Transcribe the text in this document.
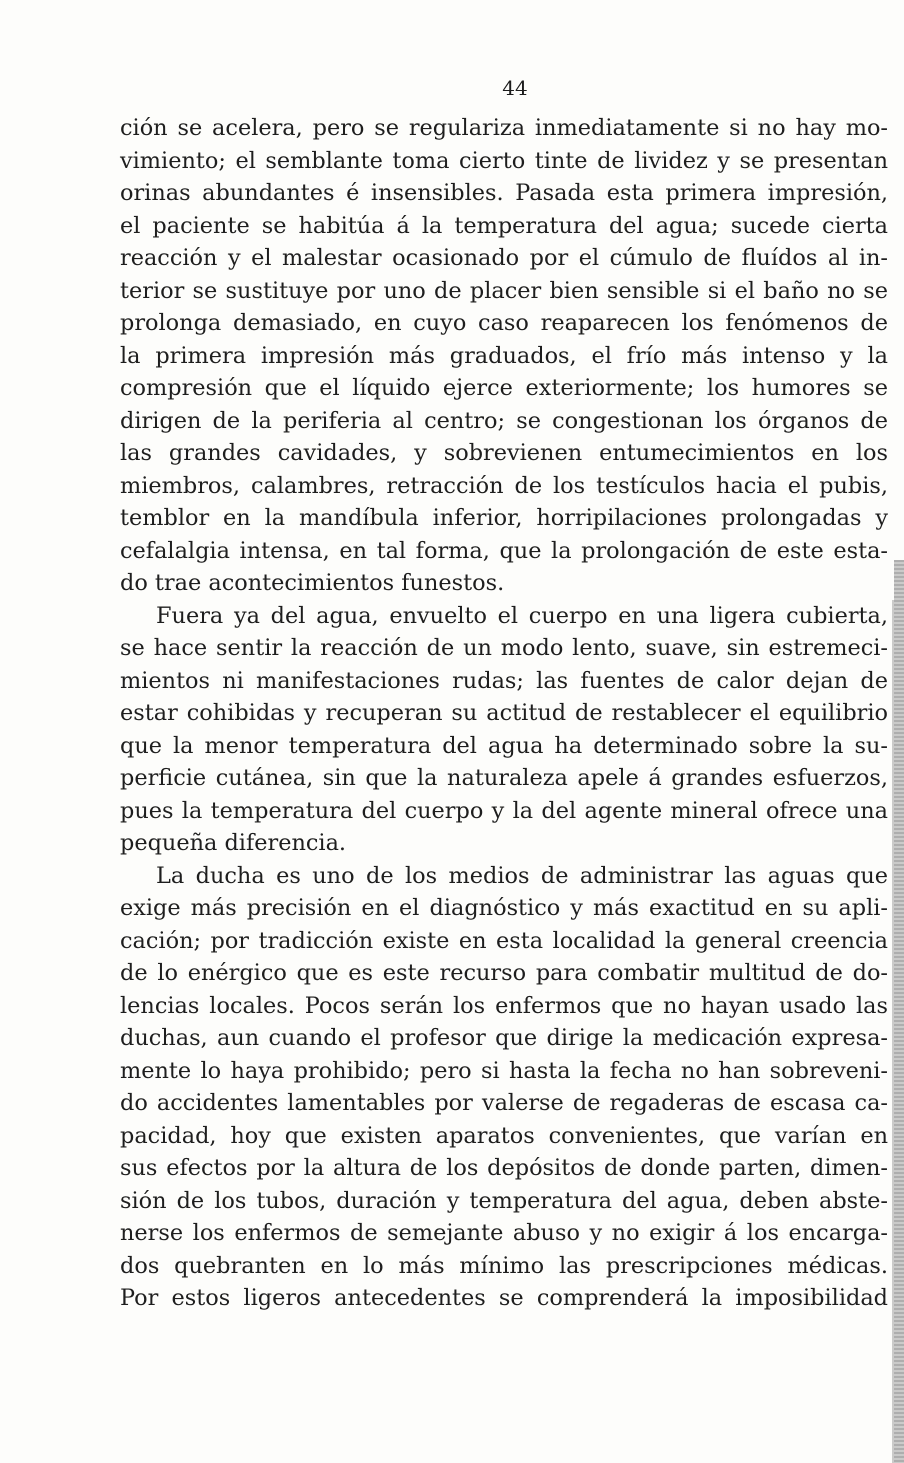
44
ción se acelera, pero se regulariza inmediatamente si no hay mo-
vimiento; el semblante toma cierto tinte de lividez y se presentan
orinas abundantes é insensibles. Pasada esta primera impresión,
el paciente se habitúa á la temperatura del agua; sucede cierta
reacción y el malestar ocasionado por el cúmulo de fluídos al in-
terior se sustituye por uno de placer bien sensible si el baño no se
prolonga demasiado, en cuyo caso reaparecen los fenómenos de
la primera impresión más graduados, el frío más intenso y la
compresión que el líquido ejerce exteriormente; los humores se
dirigen de la periferia al centro; se congestionan los órganos de
las grandes cavidades, y sobrevienen entumecimientos en los
miembros, calambres, retracción de los testículos hacia el pubis,
temblor en la mandíbula inferior, horripilaciones prolongadas y
cefalalgia intensa, en tal forma, que la prolongación de este esta-
do trae acontecimientos funestos.
Fuera ya del agua, envuelto el cuerpo en una ligera cubierta,
se hace sentir la reacción de un modo lento, suave, sin estremeci-
mientos ni manifestaciones rudas; las fuentes de calor dejan de
estar cohibidas y recuperan su actitud de restablecer el equilibrio
que la menor temperatura del agua ha determinado sobre la su-
perficie cutánea, sin que la naturaleza apele á grandes esfuerzos,
pues la temperatura del cuerpo y la del agente mineral ofrece una
pequeña diferencia.
La ducha es uno de los medios de administrar las aguas que
exige más precisión en el diagnóstico y más exactitud en su apli-
cación; por tradicción existe en esta localidad la general creencia
de lo enérgico que es este recurso para combatir multitud de do-
lencias locales. Pocos serán los enfermos que no hayan usado las
duchas, aun cuando el profesor que dirige la medicación expresa-
mente lo haya prohibido; pero si hasta la fecha no han sobreveni-
do accidentes lamentables por valerse de regaderas de escasa ca-
pacidad, hoy que existen aparatos convenientes, que varían en
sus efectos por la altura de los depósitos de donde parten, dimen-
sión de los tubos, duración y temperatura del agua, deben abste-
nerse los enfermos de semejante abuso y no exigir á los encarga-
dos quebranten en lo más mínimo las prescripciones médicas.
Por estos ligeros antecedentes se comprenderá la imposibilidad
